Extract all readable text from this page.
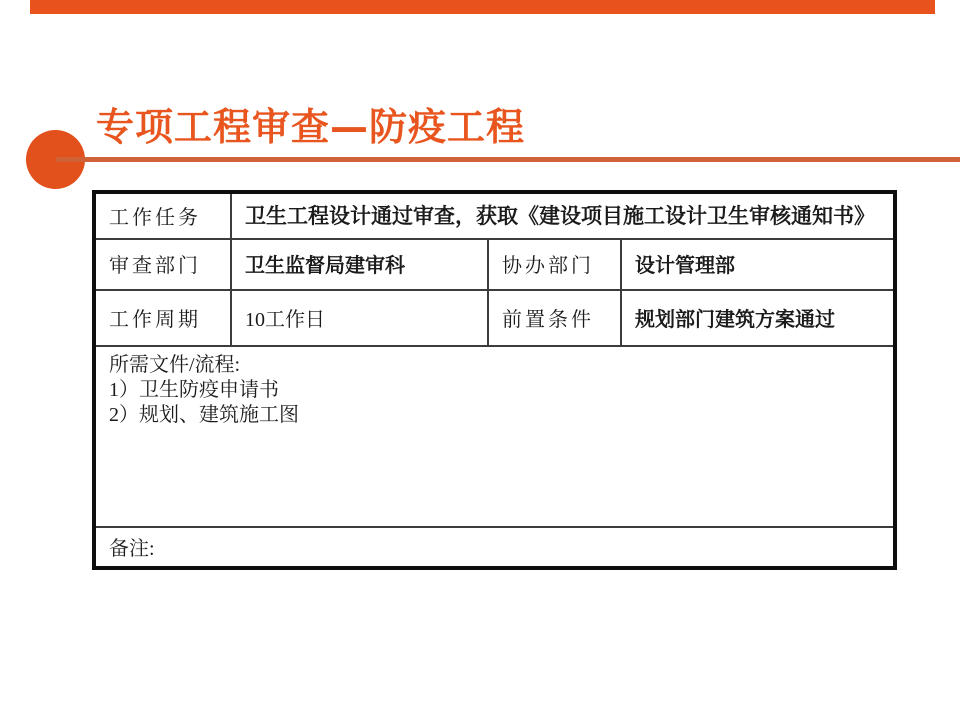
专项工程审查—防疫工程
工作任务	卫生工程设计通过审查，获取《建设项目施工设计卫生审核通知书》
审查部门	卫生监督局建审科	协办部门	设计管理部
工作周期	10工作日	前置条件	规划部门建筑方案通过
所需文件/流程:
1）卫生防疫申请书
2）规划、建筑施工图
备注:
